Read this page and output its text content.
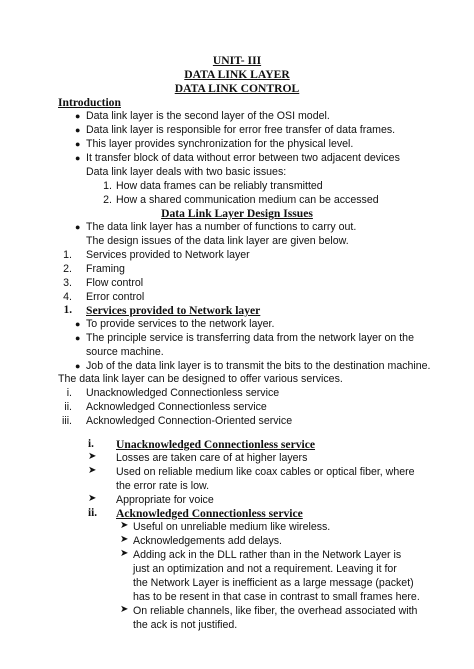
UNIT- III
DATA LINK LAYER
DATA LINK CONTROL
Introduction
● Data link layer is the second layer of the OSI model.
● Data link layer is responsible for error free transfer of data frames.
● This layer provides synchronization for the physical level.
● It transfer block of data without error between two adjacent devices
Data link layer deals with two basic issues:
1. How data frames can be reliably transmitted
2. How a shared communication medium can be accessed
Data Link Layer Design Issues
● The data link layer has a number of functions to carry out.
The design issues of the data link layer are given below.
1. Services provided to Network layer
2. Framing
3. Flow control
4. Error control
1. Services provided to Network layer
● To provide services to the network layer.
● The principle service is transferring data from the network layer on the
source machine.
● Job of the data link layer is to transmit the bits to the destination machine.
The data link layer can be designed to offer various services.
i. Unacknowledged Connectionless service
ii. Acknowledged Connectionless service
iii. Acknowledged Connection-Oriented service
i. Unacknowledged Connectionless service
➤ Losses are taken care of at higher layers
➤ Used on reliable medium like coax cables or optical fiber, where
the error rate is low.
➤ Appropriate for voice
ii. Acknowledged Connectionless service
➤ Useful on unreliable medium like wireless.
➤ Acknowledgements add delays.
➤ Adding ack in the DLL rather than in the Network Layer is
just an optimization and not a requirement. Leaving it for
the Network Layer is inefficient as a large message (packet)
has to be resent in that case in contrast to small frames here.
➤ On reliable channels, like fiber, the overhead associated with
the ack is not justified.
